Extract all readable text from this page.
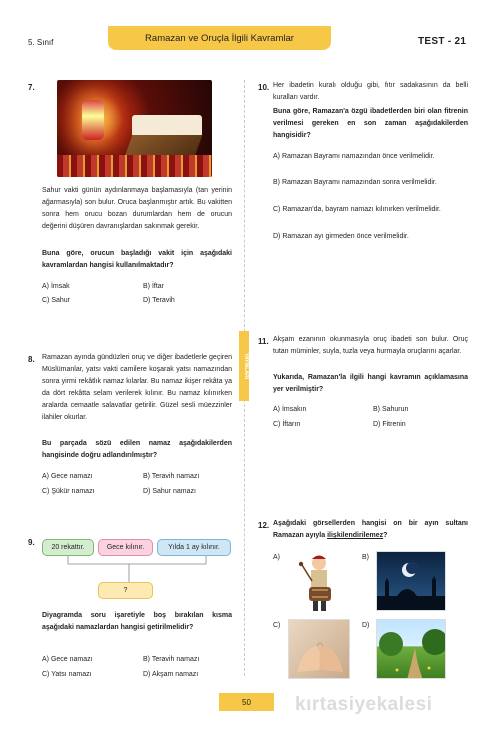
5. Sınıf	Ramazan ve Oruçla İlgili Kavramlar	TEST - 21
YAYINLARI
7.
Sahur vakti günün aydınlanmaya başlamasıyla (tan yerinin ağarmasıyla) son bulur. Oruca başlanmıştır artık. Bu vakitten sonra hem orucu bozan durumlardan hem de orucun değerini düşüren davranışlardan sakınmak gerekir.
Buna göre, orucun başladığı vakit için aşağıdaki kavramlardan hangisi kullanılmaktadır?
A) İmsak	B) İftar
C) Sahur	D) Teravih
8. Ramazan ayında gündüzleri oruç ve diğer ibadetlerle geçiren Müslümanlar, yatsı vakti camilere koşarak yatsı namazından sonra yirmi rekâtlık namaz kılarlar. Bu namaz ikişer rekâta ya da dört rekâtta selam verilerek kılınır. Bu namaz kılınırken aralarda cemaatle salavatlar getirilir. Güzel sesli müezzinler ilahiler okurlar.
Bu parçada sözü edilen namaz aşağıdakilerden hangisinde doğru adlandırılmıştır?
A) Gece namazı	B) Teravih namazı
C) Şükür namazı	D) Sahur namazı
9.
20 rekattır.	Gece kılınır.	Yılda 1 ay kılınır.
?
Diyagramda soru işaretiyle boş bırakılan kısma aşağıdaki namazlardan hangisi getirilmelidir?
A) Gece namazı	B) Teravih namazı
C) Yatsı namazı	D) Akşam namazı
10. Her ibadetin kuralı olduğu gibi, fıtır sadakasının da belli kuralları vardır.
Buna göre, Ramazan'a özgü ibadetlerden biri olan fitrenin verilmesi gereken en son zaman aşağıdakilerden hangisidir?
A) Ramazan Bayramı namazından önce verilmelidir.
B) Ramazan Bayramı namazından sonra verilmelidir.
C) Ramazan'da, bayram namazı kılınırken verilmelidir.
D) Ramazan ayı girmeden önce verilmelidir.
11. Akşam ezanının okunmasıyla oruç ibadeti son bulur. Oruç tutan müminler, suyla, tuzla veya hurmayla oruçlarını açarlar.
Yukarıda, Ramazan'la ilgili hangi kavramın açıklamasına yer verilmiştir?
A) İmsakın	B) Sahurun
C) İftarın	D) Fitrenin
12. Aşağıdaki görsellerden hangisi on bir ayın sultanı Ramazan ayıyla ilişkilendirilemez?
A)	B)
C)	D)
50	kırtasiyekalesi
